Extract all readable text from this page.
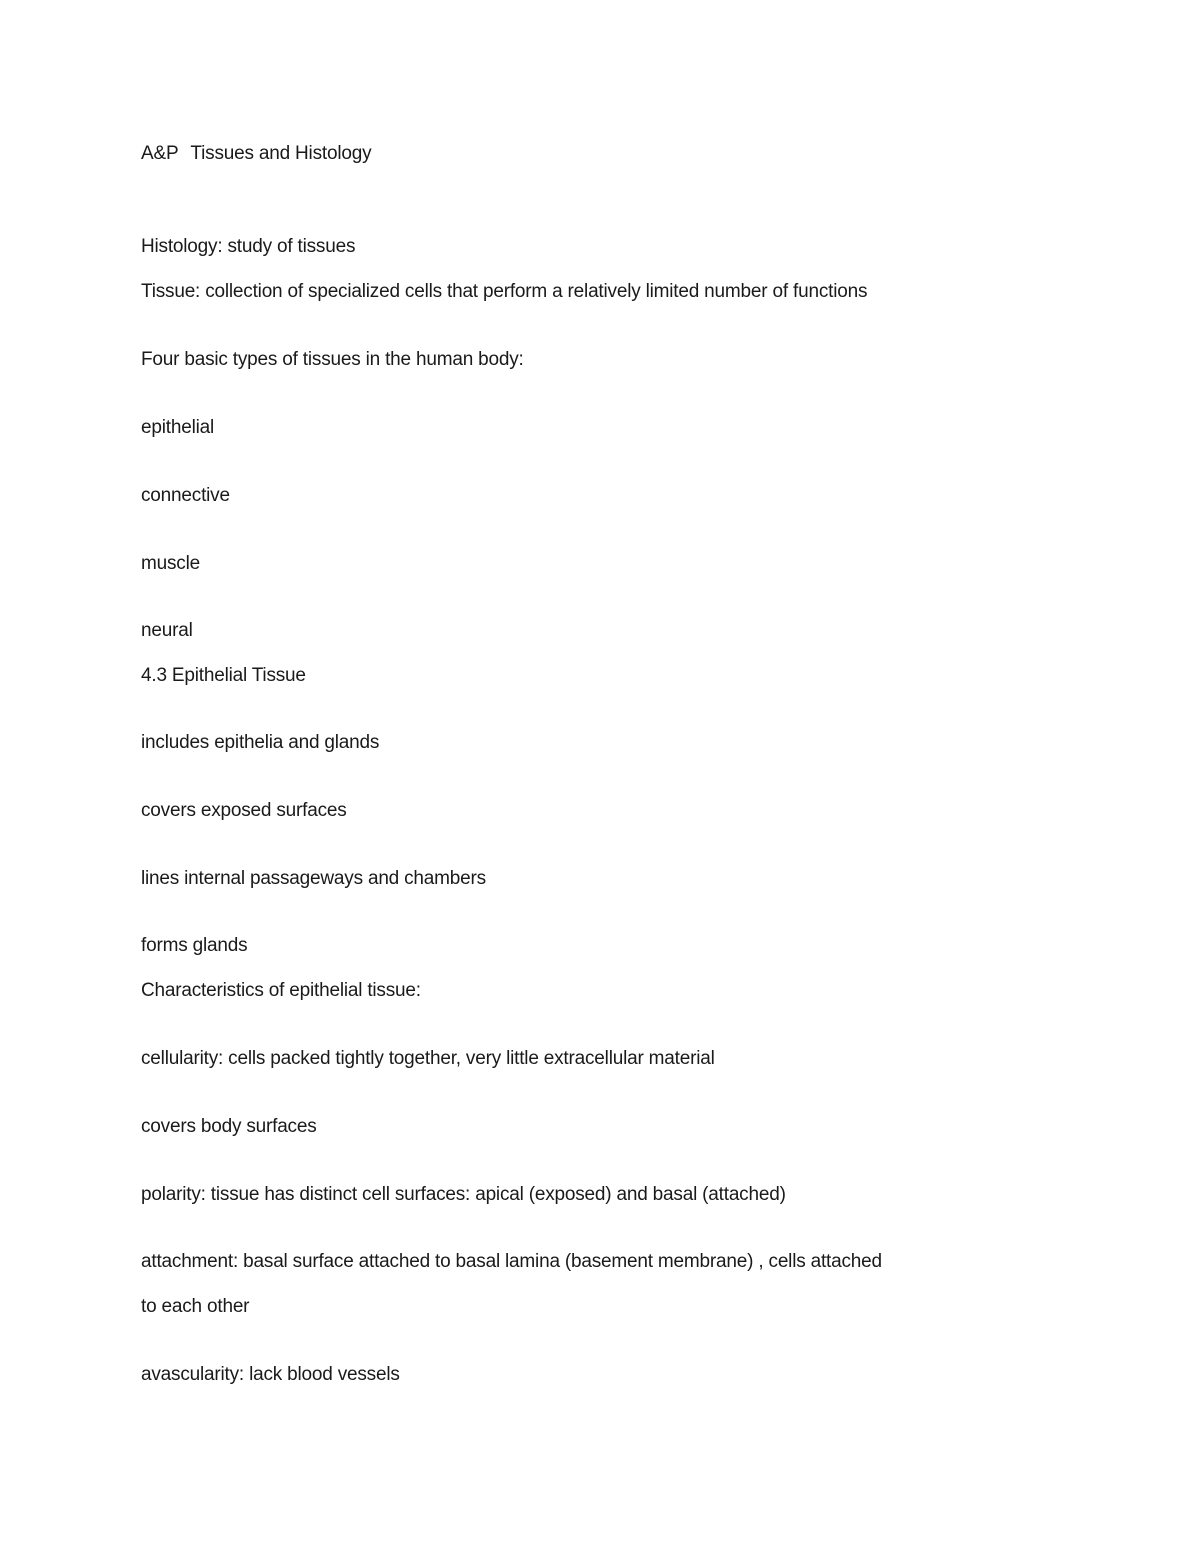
A&P Tissues and Histology
Histology: study of tissues
Tissue: collection of specialized cells that perform a relatively limited number of functions
Four basic types of tissues in the human body:
epithelial
connective
muscle
neural
4.3 Epithelial Tissue
includes epithelia and glands
covers exposed surfaces
lines internal passageways and chambers
forms glands
Characteristics of epithelial tissue:
cellularity: cells packed tightly together, very little extracellular material
covers body surfaces
polarity: tissue has distinct cell surfaces: apical (exposed) and basal (attached)
attachment: basal surface attached to basal lamina (basement membrane) , cells attached
to each other
avascularity: lack blood vessels
